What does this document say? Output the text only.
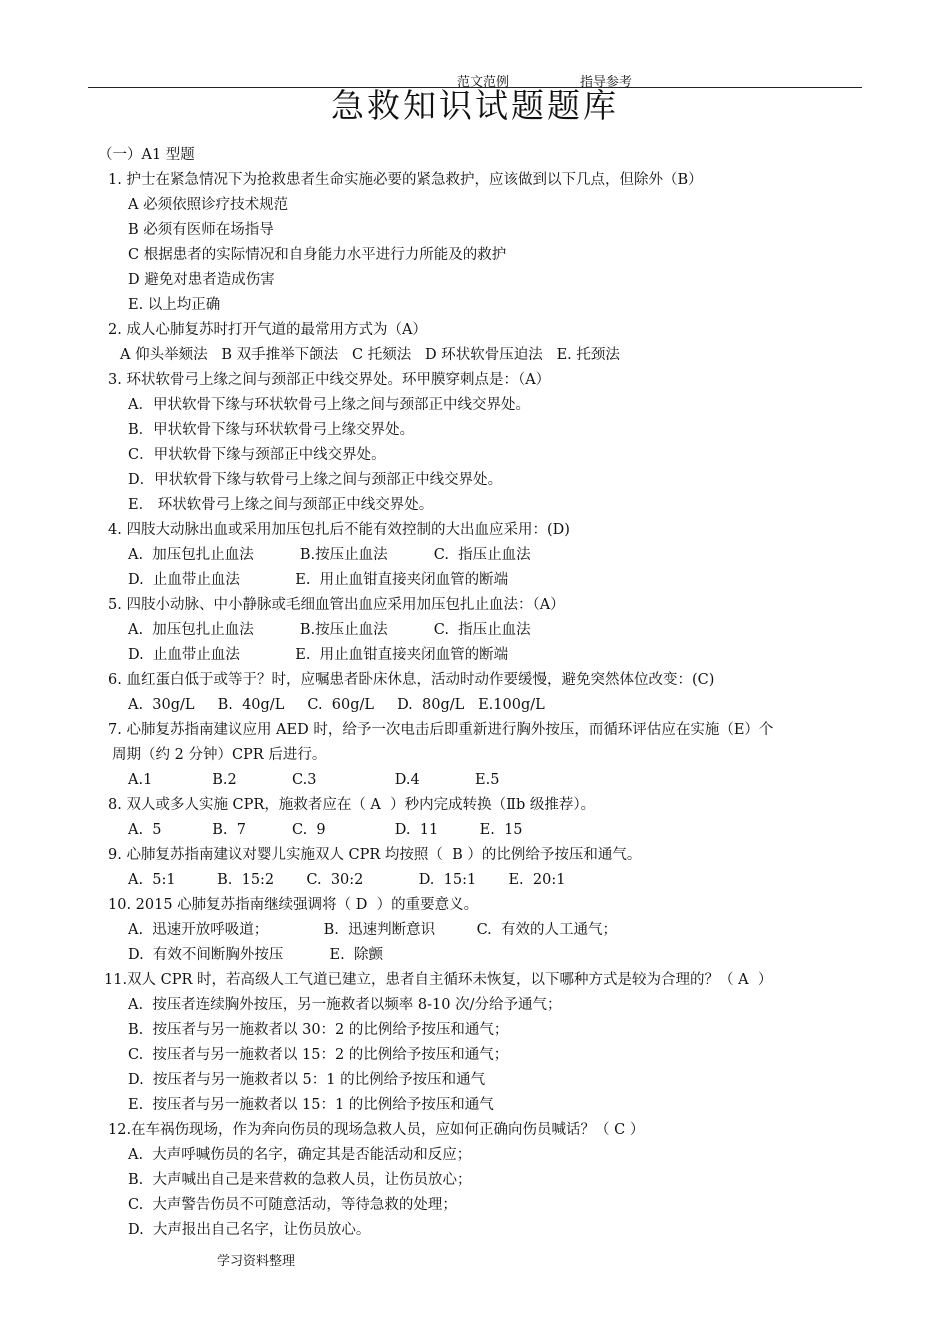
范文范例	指导参考
急救知识试题题库
（一）A1 型题
1. 护士在紧急情况下为抢救患者生命实施必要的紧急救护，应该做到以下几点，但除外（B）
A 必须依照诊疗技术规范
B 必须有医师在场指导
C 根据患者的实际情况和自身能力水平进行力所能及的救护
D 避免对患者造成伤害
E. 以上均正确
2. 成人心肺复苏时打开气道的最常用方式为（A）
A 仰头举颏法   B 双手推举下颌法   C 托颏法   D 环状软骨压迫法   E. 托颈法
3. 环状软骨弓上缘之间与颈部正中线交界处。环甲膜穿刺点是：（A）
A．甲状软骨下缘与环状软骨弓上缘之间与颈部正中线交界处。
B．甲状软骨下缘与环状软骨弓上缘交界处。
C．甲状软骨下缘与颈部正中线交界处。
D．甲状软骨下缘与软骨弓上缘之间与颈部正中线交界处。
E． 环状软骨弓上缘之间与颈部正中线交界处。
4. 四肢大动脉出血或采用加压包扎后不能有效控制的大出血应采用：(D)
A.  加压包扎止血法          B.按压止血法          C.  指压止血法
D.  止血带止血法            E.  用止血钳直接夹闭血管的断端
5. 四肢小动脉、中小静脉或毛细血管出血应采用加压包扎止血法：（A）
A.  加压包扎止血法          B.按压止血法          C.  指压止血法
D.  止血带止血法            E.  用止血钳直接夹闭血管的断端
6. 血红蛋白低于或等于？时，应嘱患者卧床休息，活动时动作要缓慢，避免突然体位改变：(C)
A.  30g/L     B.  40g/L     C.  60g/L     D.  80g/L   E.100g/L
7. 心肺复苏指南建议应用 AED 时，给予一次电击后即重新进行胸外按压，而循环评估应在实施（E）个
周期（约 2 分钟）CPR 后进行。
A.1             B.2            C.3                 D.4            E.5
8. 双人或多人实施 CPR，施救者应在（ A  ）秒内完成转换（Ⅱb 级推荐）。
A.  5           B.  7          C.  9               D.  11         E.  15
9. 心肺复苏指南建议对婴儿实施双人 CPR 均按照（  B ）的比例给予按压和通气。
A.  5:1         B.  15:2       C.  30:2            D.  15:1       E.  20:1
10. 2015 心肺复苏指南继续强调将（ D  ）的重要意义。
A.  迅速开放呼吸道；            B.  迅速判断意识         C.  有效的人工通气；
D.  有效不间断胸外按压          E.  除颤
11.双人 CPR 时，若高级人工气道已建立，患者自主循环未恢复，以下哪种方式是较为合理的？（ A  ）
A.  按压者连续胸外按压，另一施救者以频率 8-10 次/分给予通气；
B.  按压者与另一施救者以 30：2 的比例给予按压和通气；
C.  按压者与另一施救者以 15：2 的比例给予按压和通气；
D.  按压者与另一施救者以 5：1 的比例给予按压和通气
E.  按压者与另一施救者以 15：1 的比例给予按压和通气
12.在车祸伤现场，作为奔向伤员的现场急救人员，应如何正确向伤员喊话？（ C ）
A.  大声呼喊伤员的名字，确定其是否能活动和反应；
B.  大声喊出自己是来营救的急救人员，让伤员放心；
C.  大声警告伤员不可随意活动，等待急救的处理；
D.  大声报出自己名字，让伤员放心。
学习资料整理
